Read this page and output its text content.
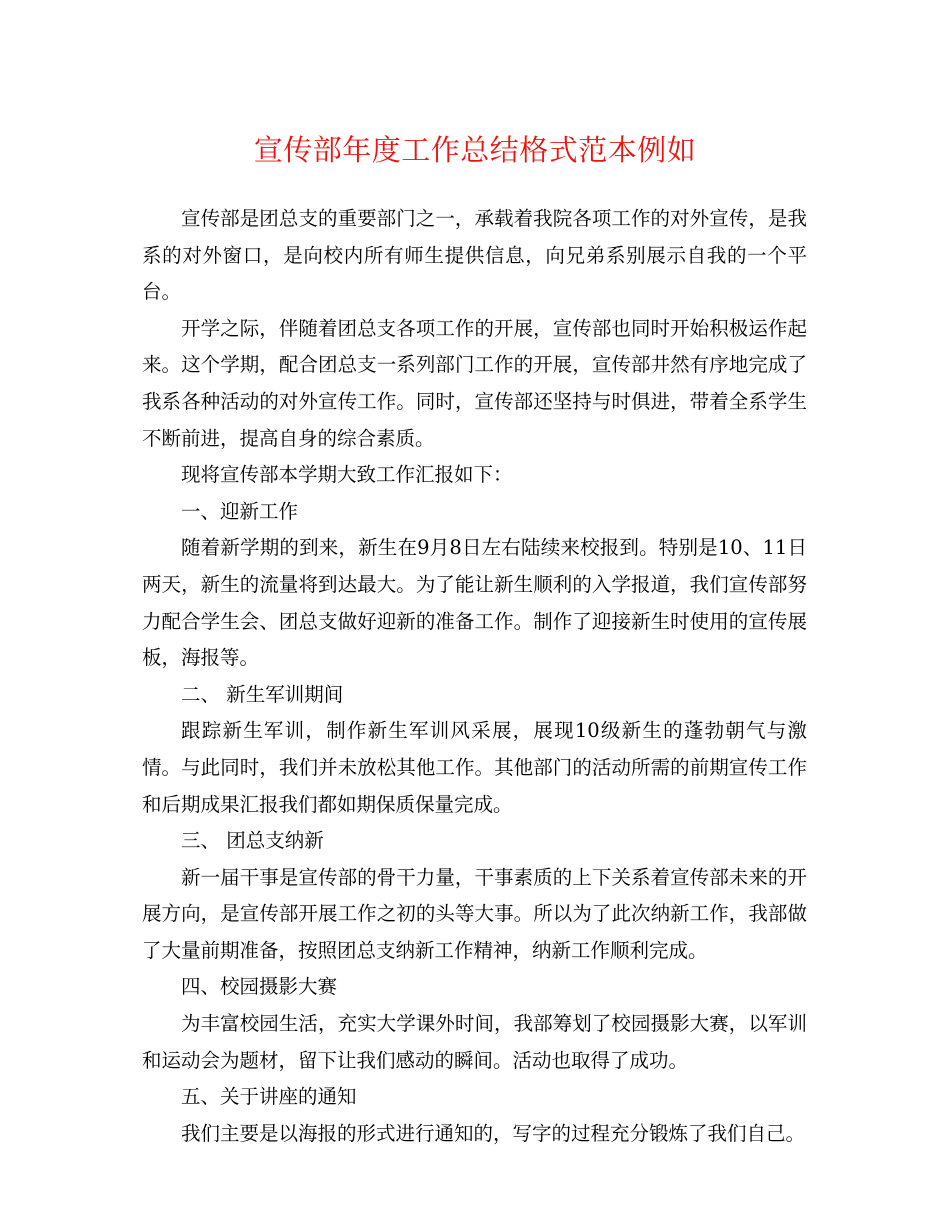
宣传部年度工作总结格式范本例如

宣传部是团总支的重要部门之一，承载着我院各项工作的对外宣传，是我系的对外窗口，是向校内所有师生提供信息，向兄弟系别展示自我的一个平台。

开学之际，伴随着团总支各项工作的开展，宣传部也同时开始积极运作起来。这个学期，配合团总支一系列部门工作的开展，宣传部井然有序地完成了我系各种活动的对外宣传工作。同时，宣传部还坚持与时俱进，带着全系学生不断前进，提高自身的综合素质。

现将宣传部本学期大致工作汇报如下：

一、迎新工作

随着新学期的到来，新生在9月8日左右陆续来校报到。特别是10、11日两天，新生的流量将到达最大。为了能让新生顺利的入学报道，我们宣传部努力配合学生会、团总支做好迎新的准备工作。制作了迎接新生时使用的宣传展板，海报等。

二、 新生军训期间

跟踪新生军训，制作新生军训风采展，展现10级新生的蓬勃朝气与激情。与此同时，我们并未放松其他工作。其他部门的活动所需的前期宣传工作和后期成果汇报我们都如期保质保量完成。

三、 团总支纳新

新一届干事是宣传部的骨干力量，干事素质的上下关系着宣传部未来的开展方向，是宣传部开展工作之初的头等大事。所以为了此次纳新工作，我部做了大量前期准备，按照团总支纳新工作精神，纳新工作顺利完成。

四、校园摄影大赛

为丰富校园生活，充实大学课外时间，我部筹划了校园摄影大赛，以军训和运动会为题材，留下让我们感动的瞬间。活动也取得了成功。

五、关于讲座的通知

我们主要是以海报的形式进行通知的，写字的过程充分锻炼了我们自己。
